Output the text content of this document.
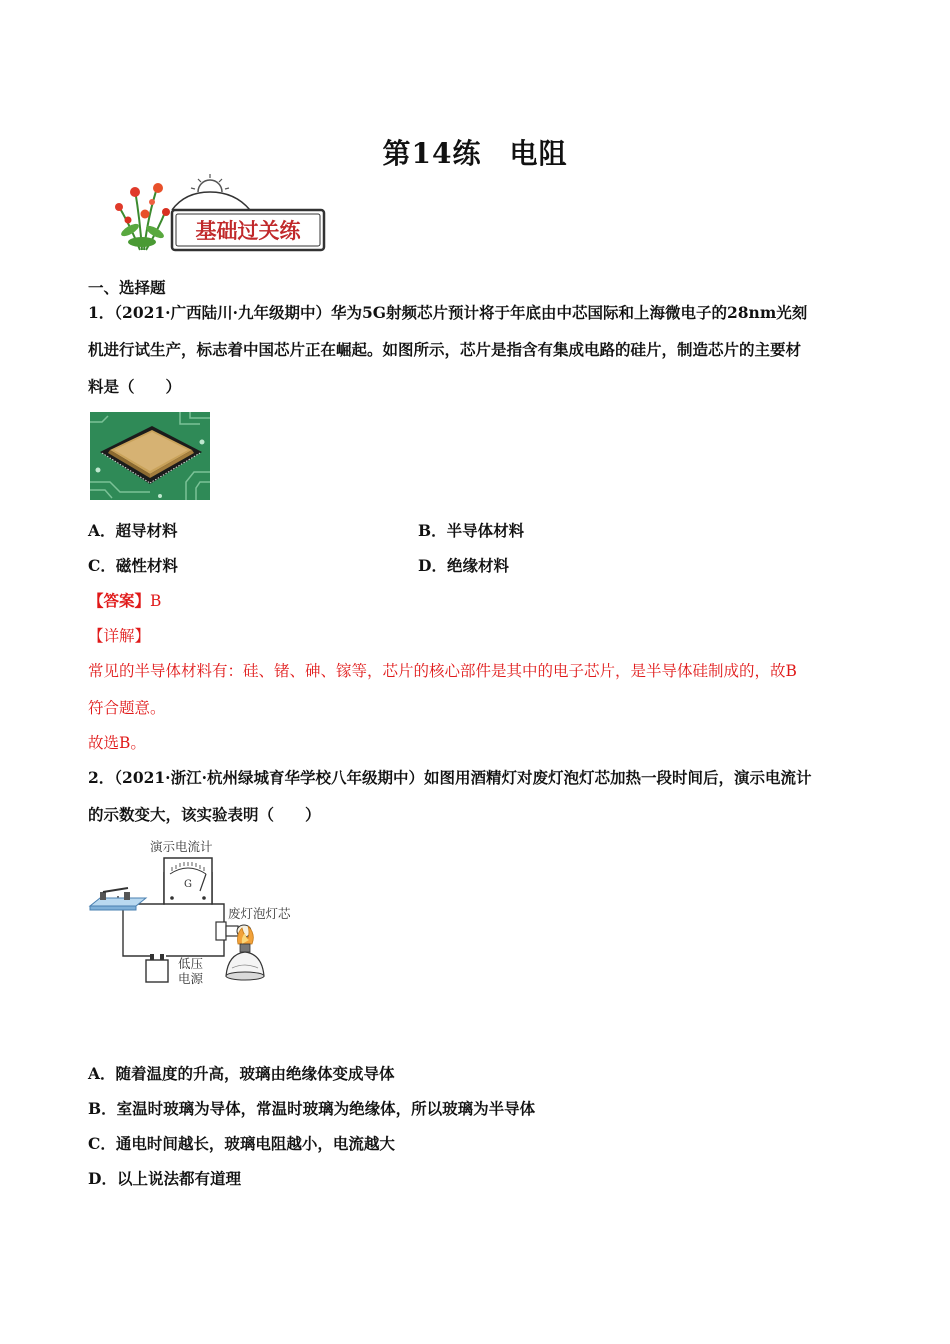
第14练 电阻
基础过关练
一、选择题
1．（2021·广西陆川·九年级期中）华为5G射频芯片预计将于年底由中芯国际和上海微电子的28nm光刻
机进行试生产，标志着中国芯片正在崛起。如图所示，芯片是指含有集成电路的硅片，制造芯片的主要材
料是（　　）
A．超导材料	B．半导体材料
C．磁性材料	D．绝缘材料
【答案】B
【详解】
常见的半导体材料有：硅、锗、砷、镓等，芯片的核心部件是其中的电子芯片，是半导体硅制成的，故B
符合题意。
故选B。
2．（2021·浙江·杭州绿城育华学校八年级期中）如图用酒精灯对废灯泡灯芯加热一段时间后，演示电流计
的示数变大，该实验表明（　　）
G
演示电流计
废灯泡灯芯
低压
电源
A．随着温度的升高，玻璃由绝缘体变成导体
B．室温时玻璃为导体，常温时玻璃为绝缘体，所以玻璃为半导体
C．通电时间越长，玻璃电阻越小，电流越大
D．以上说法都有道理
